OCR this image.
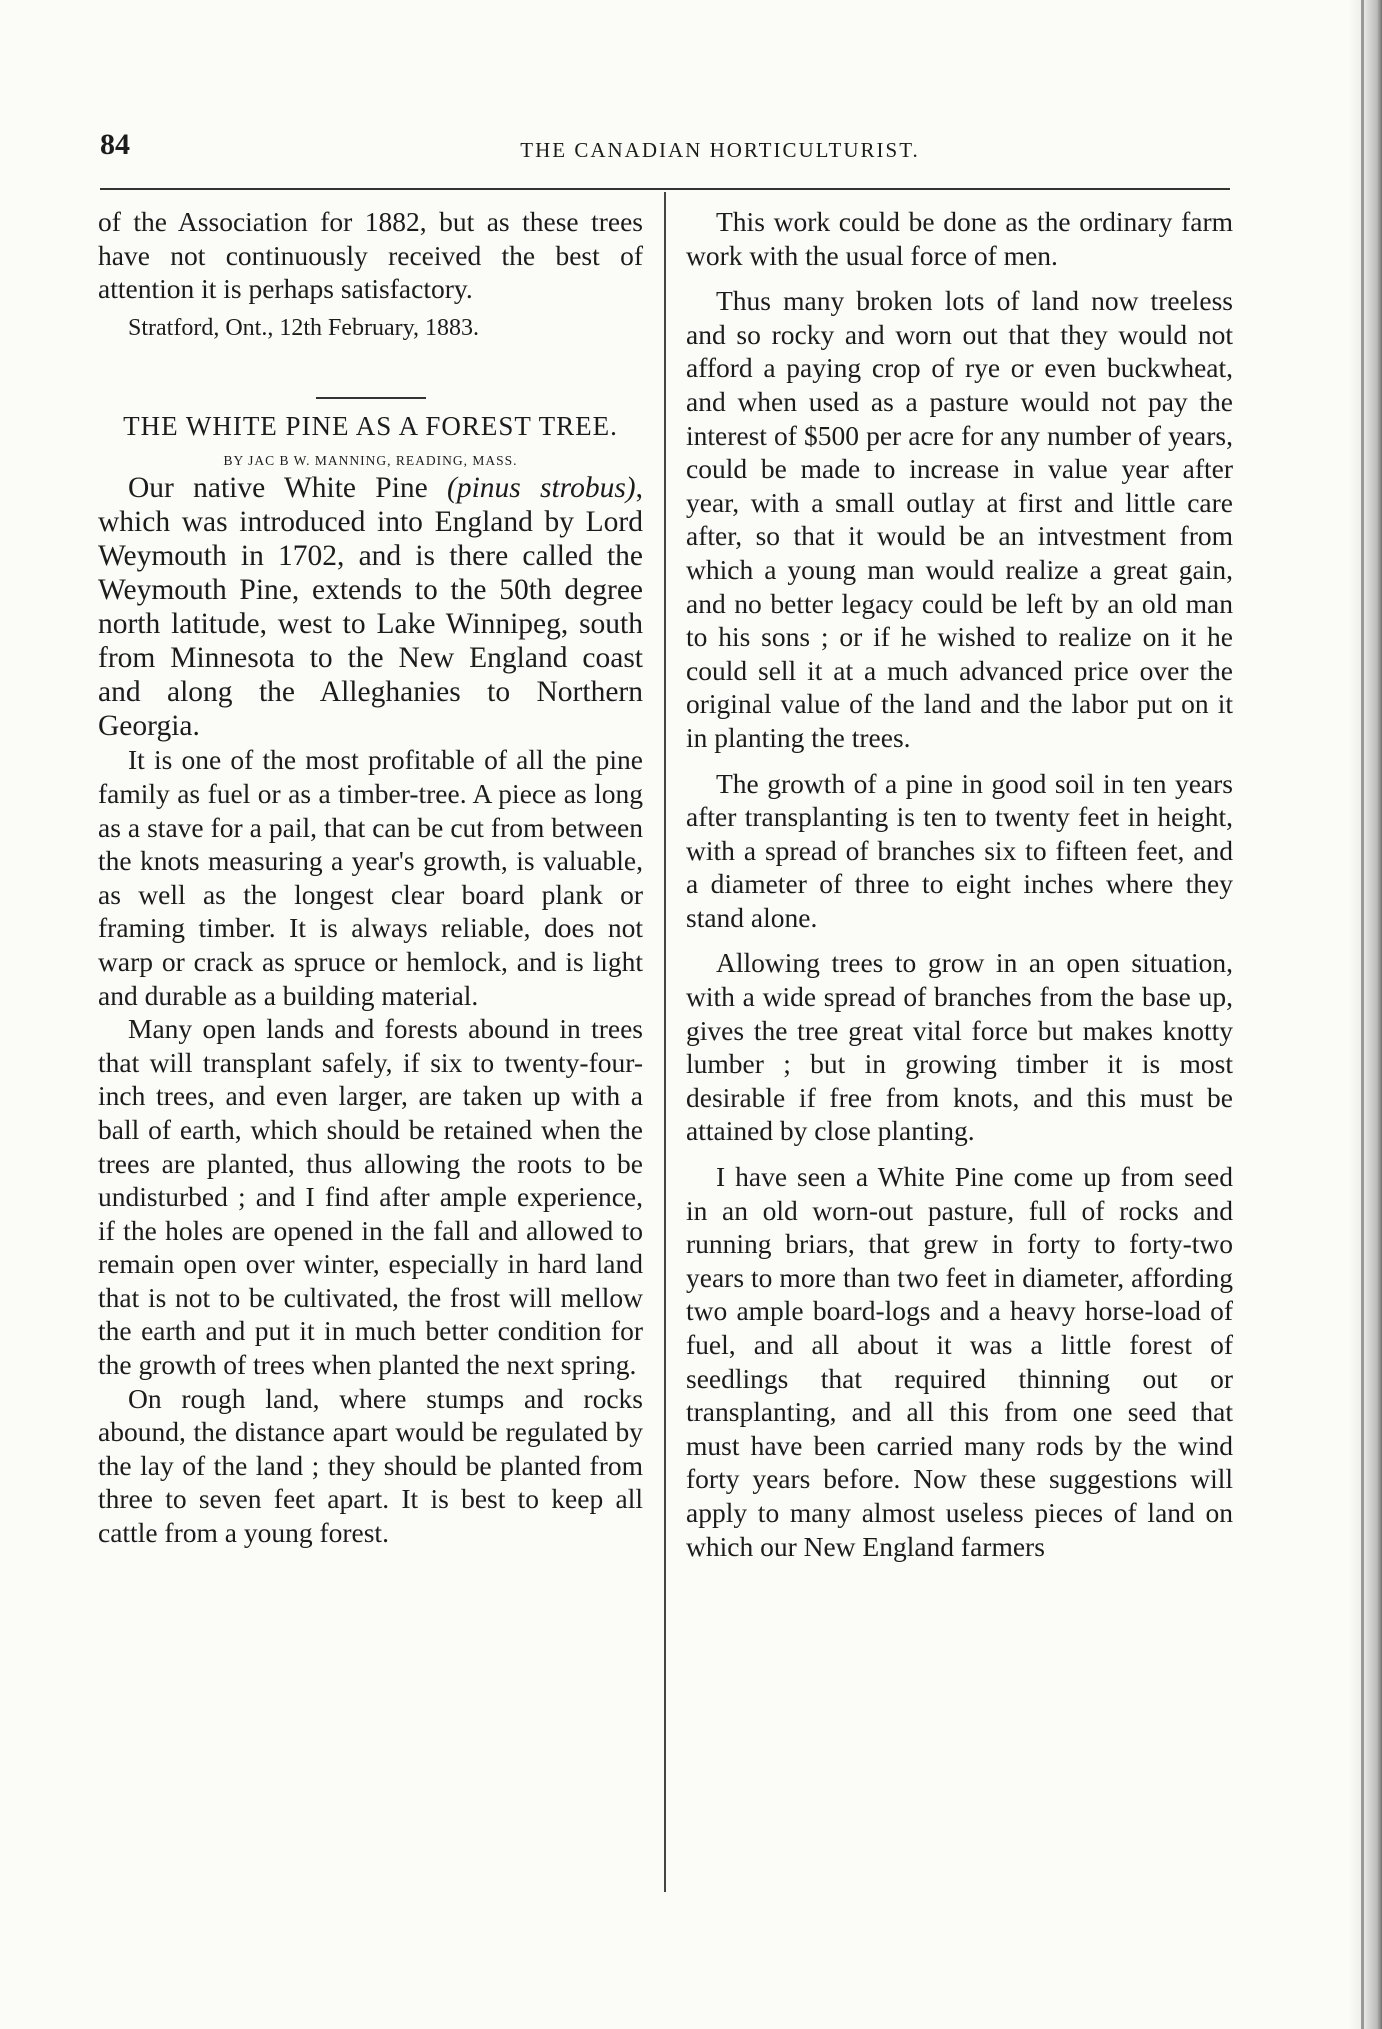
84	THE CANADIAN HORTICULTURIST.

of the Association for 1882, but as these trees have not continuously received the best of attention it is perhaps satisfactory.

Stratford, Ont., 12th February, 1883.

THE WHITE PINE AS A FOREST TREE.

BY JAC B W. MANNING, READING, MASS.

Our native White Pine (pinus strobus), which was introduced into England by Lord Weymouth in 1702, and is there called the Weymouth Pine, extends to the 50th degree north latitude, west to Lake Winnipeg, south from Minnesota to the New England coast and along the Alleghanies to Northern Georgia.

It is one of the most profitable of all the pine family as fuel or as a timber-tree. A piece as long as a stave for a pail, that can be cut from between the knots measuring a year's growth, is valuable, as well as the longest clear board plank or framing timber. It is always reliable, does not warp or crack as spruce or hemlock, and is light and durable as a building material.

Many open lands and forests abound in trees that will transplant safely, if six to twenty-four-inch trees, and even larger, are taken up with a ball of earth, which should be retained when the trees are planted, thus allowing the roots to be undisturbed ; and I find after ample experience, if the holes are opened in the fall and allowed to remain open over winter, especially in hard land that is not to be cultivated, the frost will mellow the earth and put it in much better condition for the growth of trees when planted the next spring.

On rough land, where stumps and rocks abound, the distance apart would be regulated by the lay of the land ; they should be planted from three to seven feet apart. It is best to keep all cattle from a young forest.

This work could be done as the ordinary farm work with the usual force of men.

Thus many broken lots of land now treeless and so rocky and worn out that they would not afford a paying crop of rye or even buckwheat, and when used as a pasture would not pay the interest of $500 per acre for any number of years, could be made to increase in value year after year, with a small outlay at first and little care after, so that it would be an intvestment from which a young man would realize a great gain, and no better legacy could be left by an old man to his sons ; or if he wished to realize on it he could sell it at a much advanced price over the original value of the land and the labor put on it in planting the trees.

The growth of a pine in good soil in ten years after transplanting is ten to twenty feet in height, with a spread of branches six to fifteen feet, and a diameter of three to eight inches where they stand alone.

Allowing trees to grow in an open situation, with a wide spread of branches from the base up, gives the tree great vital force but makes knotty lumber ; but in growing timber it is most desirable if free from knots, and this must be attained by close planting.

I have seen a White Pine come up from seed in an old worn-out pasture, full of rocks and running briars, that grew in forty to forty-two years to more than two feet in diameter, affording two ample board-logs and a heavy horse-load of fuel, and all about it was a little forest of seedlings that required thinning out or transplanting, and all this from one seed that must have been carried many rods by the wind forty years before. Now these suggestions will apply to many almost useless pieces of land on which our New England farmers
